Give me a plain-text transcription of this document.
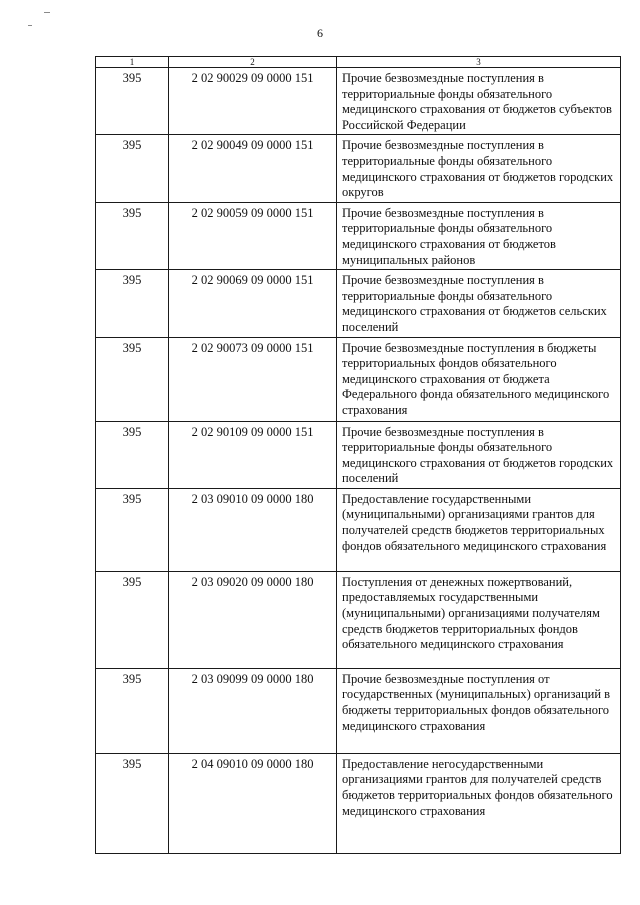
6
1	2	3
395	2 02 90029 09 0000 151	Прочие безвозмездные поступления в территориальные фонды обязательного медицинского страхования от бюджетов субъектов Российской Федерации
395	2 02 90049 09 0000 151	Прочие безвозмездные поступления в территориальные фонды обязательного медицинского страхования от бюджетов городских округов
395	2 02 90059 09 0000 151	Прочие безвозмездные поступления в территориальные фонды обязательного медицинского страхования от бюджетов муниципальных районов
395	2 02 90069 09 0000 151	Прочие безвозмездные поступления в территориальные фонды обязательного медицинского страхования от бюджетов сельских поселений
395	2 02 90073 09 0000 151	Прочие безвозмездные поступления в бюджеты территориальных фондов обязательного медицинского страхования от бюджета Федерального фонда обязательного медицинского страхования
395	2 02 90109 09 0000 151	Прочие безвозмездные поступления в территориальные фонды обязательного медицинского страхования от бюджетов городских поселений
395	2 03 09010 09 0000 180	Предоставление государственными (муниципальными) организациями грантов для получателей средств бюджетов территориальных фондов обязательного медицинского страхования
395	2 03 09020 09 0000 180	Поступления от денежных пожертвований, предоставляемых государственными (муниципальными) организациями получателям средств бюджетов территориальных фондов обязательного медицинского страхования
395	2 03 09099 09 0000 180	Прочие безвозмездные поступления от государственных (муниципальных) организаций в бюджеты территориальных фондов обязательного медицинского страхования
395	2 04 09010 09 0000 180	Предоставление негосударственными организациями грантов для получателей средств бюджетов территориальных фондов обязательного медицинского страхования
